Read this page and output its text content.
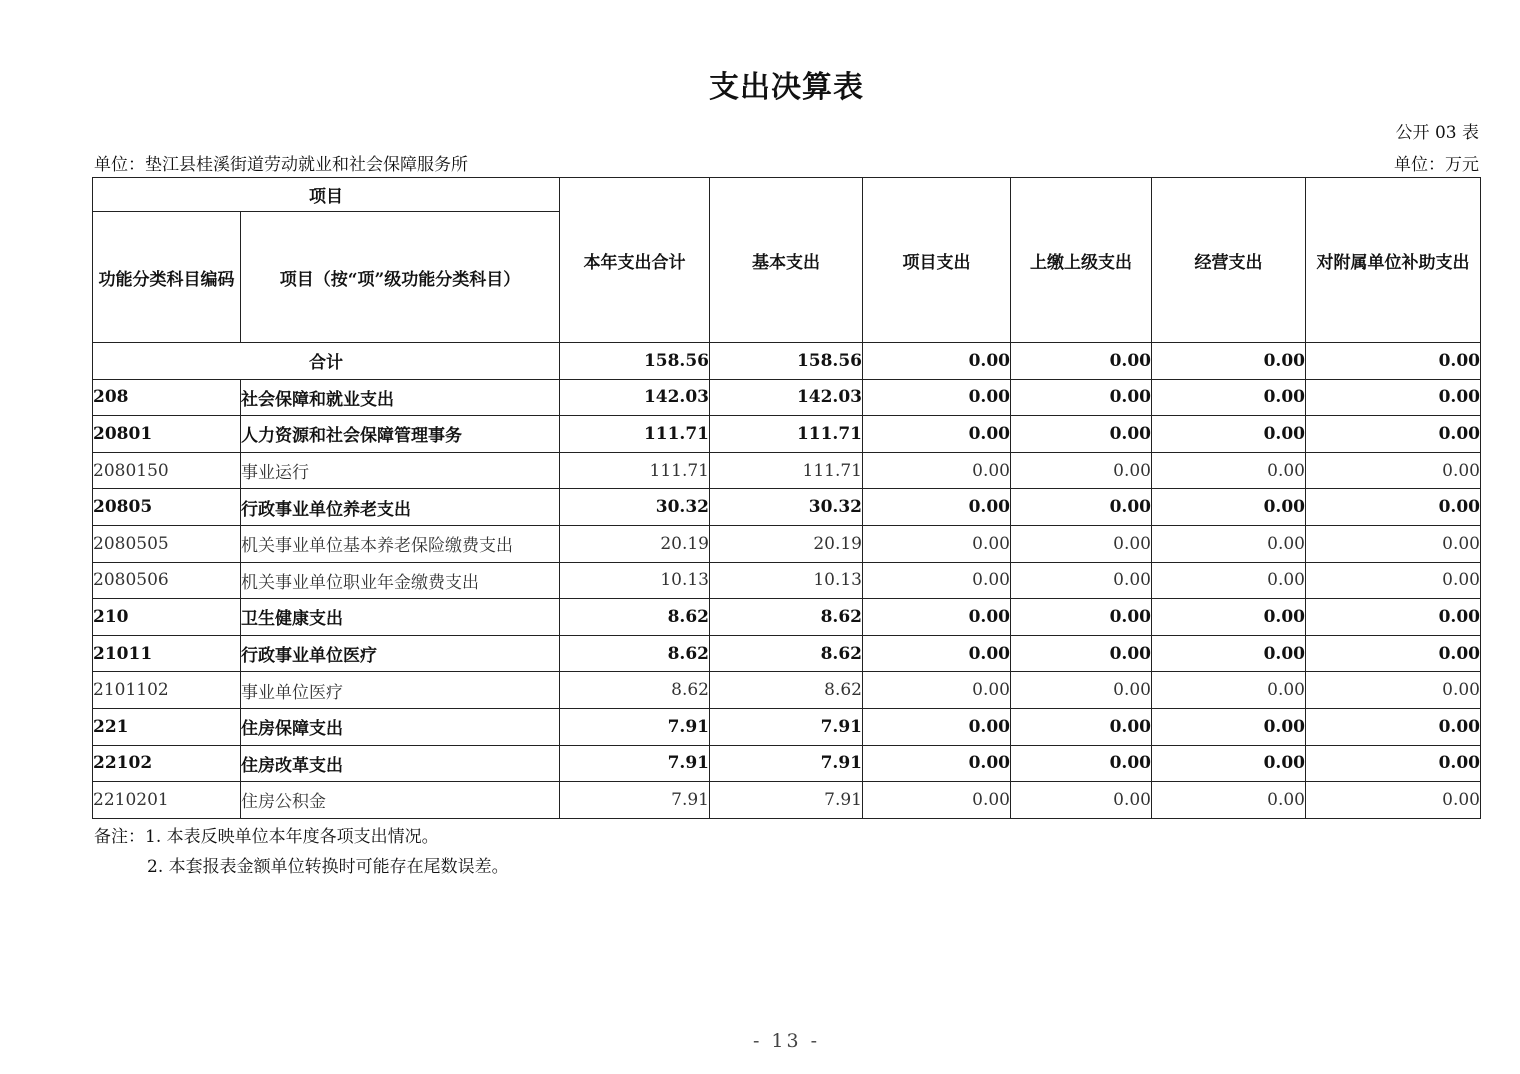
支出决算表
公开 03 表
单位：垫江县桂溪街道劳动就业和社会保障服务所	单位：万元
项目		本年支出合计	基本支出	项目支出	上缴上级支出	经营支出	对附属单位补助支出
功能分类科目编码	项目（按“项”级功能分类科目）						
合计		158.56	158.56	0.00	0.00	0.00	0.00
208	社会保障和就业支出	142.03	142.03	0.00	0.00	0.00	0.00
20801	人力资源和社会保障管理事务	111.71	111.71	0.00	0.00	0.00	0.00
2080150	事业运行	111.71	111.71	0.00	0.00	0.00	0.00
20805	行政事业单位养老支出	30.32	30.32	0.00	0.00	0.00	0.00
2080505	机关事业单位基本养老保险缴费支出	20.19	20.19	0.00	0.00	0.00	0.00
2080506	机关事业单位职业年金缴费支出	10.13	10.13	0.00	0.00	0.00	0.00
210	卫生健康支出	8.62	8.62	0.00	0.00	0.00	0.00
21011	行政事业单位医疗	8.62	8.62	0.00	0.00	0.00	0.00
2101102	事业单位医疗	8.62	8.62	0.00	0.00	0.00	0.00
221	住房保障支出	7.91	7.91	0.00	0.00	0.00	0.00
22102	住房改革支出	7.91	7.91	0.00	0.00	0.00	0.00
2210201	住房公积金	7.91	7.91	0.00	0.00	0.00	0.00
备注：1. 本表反映单位本年度各项支出情况。
2. 本套报表金额单位转换时可能存在尾数误差。
- 13 -
